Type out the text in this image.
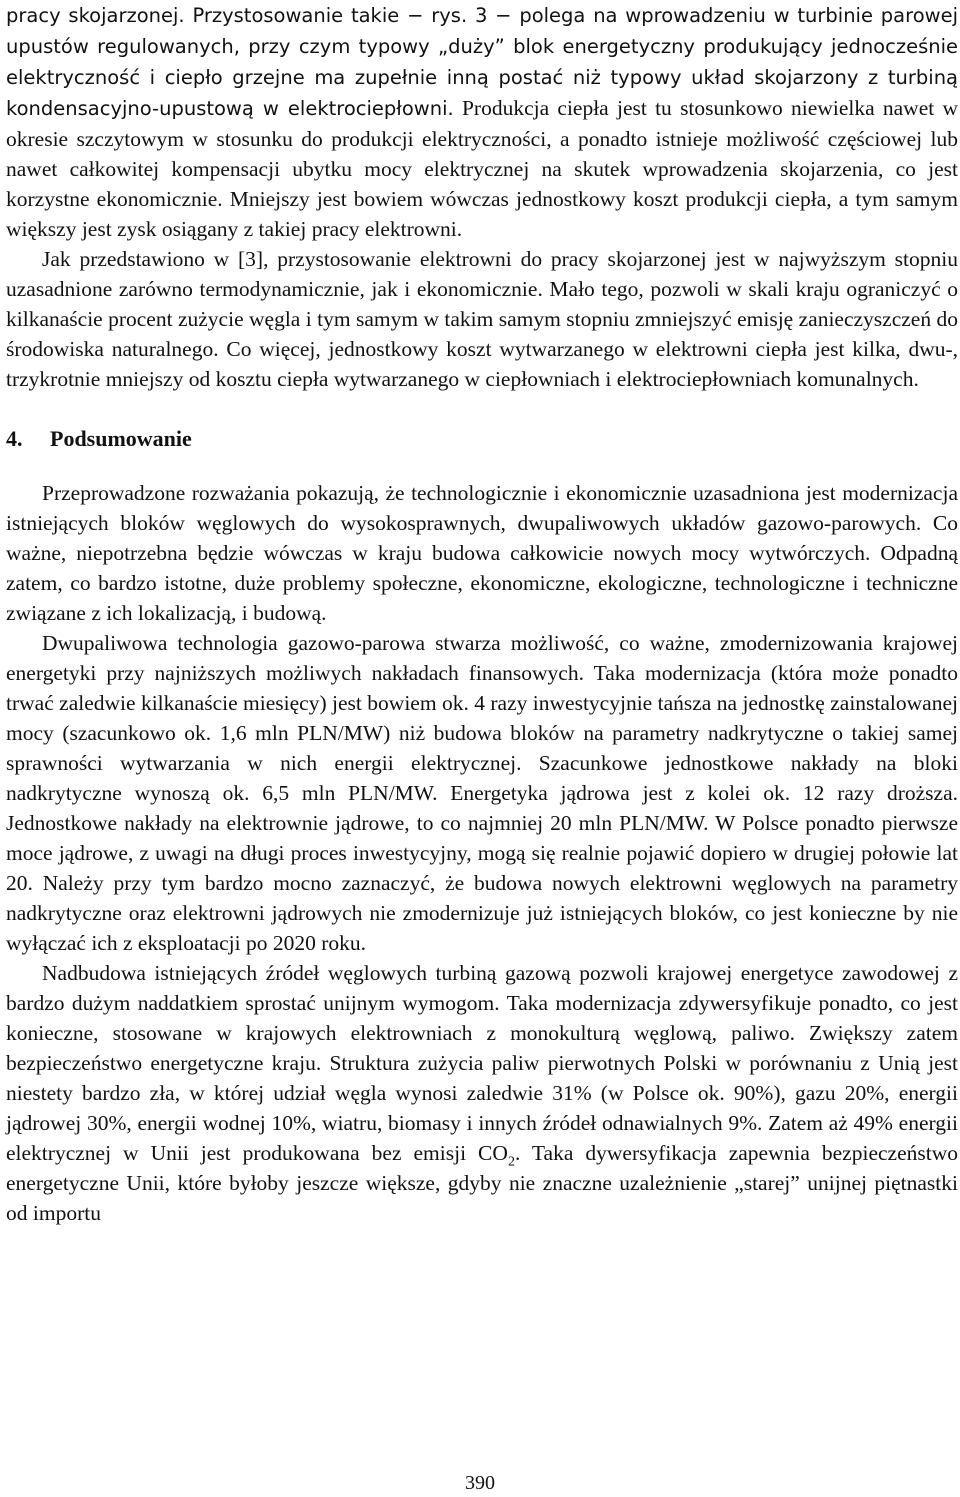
pracy skojarzonej. Przystosowanie takie − rys. 3 − polega na wprowadzeniu w turbinie parowej upustów regulowanych, przy czym typowy „duży” blok energetyczny produkujący jednocześnie elektryczność i ciepło grzejne ma zupełnie inną postać niż typowy układ skojarzony z turbiną kondensacyjno-upustową w elektrociepłowni. Produkcja ciepła jest tu stosunkowo niewielka nawet w okresie szczytowym w stosunku do produkcji elektryczności, a ponadto istnieje możliwość częściowej lub nawet całkowitej kompensacji ubytku mocy elektrycznej na skutek wprowadzenia skojarzenia, co jest korzystne ekonomicznie. Mniejszy jest bowiem wówczas jednostkowy koszt produkcji ciepła, a tym samym większy jest zysk osiągany z takiej pracy elektrowni.

Jak przedstawiono w [3], przystosowanie elektrowni do pracy skojarzonej jest w najwyższym stopniu uzasadnione zarówno termodynamicznie, jak i ekonomicznie. Mało tego, pozwoli w skali kraju ograniczyć o kilkanaście procent zużycie węgla i tym samym w takim samym stopniu zmniejszyć emisję zanieczyszczeń do środowiska naturalnego. Co więcej, jednostkowy koszt wytwarzanego w elektrowni ciepła jest kilka, dwu-, trzykrotnie mniejszy od kosztu ciepła wytwarzanego w ciepłowniach i elektrociepłowniach komunalnych.

4. Podsumowanie

Przeprowadzone rozważania pokazują, że technologicznie i ekonomicznie uzasadniona jest modernizacja istniejących bloków węglowych do wysokosprawnych, dwupaliwowych układów gazowo-parowych. Co ważne, niepotrzebna będzie wówczas w kraju budowa całkowicie nowych mocy wytwórczych. Odpadną zatem, co bardzo istotne, duże problemy społeczne, ekonomiczne, ekologiczne, technologiczne i techniczne związane z ich lokalizacją, i budową.

Dwupaliwowa technologia gazowo-parowa stwarza możliwość, co ważne, zmodernizowania krajowej energetyki przy najniższych możliwych nakładach finansowych. Taka modernizacja (która może ponadto trwać zaledwie kilkanaście miesięcy) jest bowiem ok. 4 razy inwestycyjnie tańsza na jednostkę zainstalowanej mocy (szacunkowo ok. 1,6 mln PLN/MW) niż budowa bloków na parametry nadkrytyczne o takiej samej sprawności wytwarzania w nich energii elektrycznej. Szacunkowe jednostkowe nakłady na bloki nadkrytyczne wynoszą ok. 6,5 mln PLN/MW. Energetyka jądrowa jest z kolei ok. 12 razy droższa. Jednostkowe nakłady na elektrownie jądrowe, to co najmniej 20 mln PLN/MW. W Polsce ponadto pierwsze moce jądrowe, z uwagi na długi proces inwestycyjny, mogą się realnie pojawić dopiero w drugiej połowie lat 20. Należy przy tym bardzo mocno zaznaczyć, że budowa nowych elektrowni węglowych na parametry nadkrytyczne oraz elektrowni jądrowych nie zmodernizuje już istniejących bloków, co jest konieczne by nie wyłączać ich z eksploatacji po 2020 roku.

Nadbudowa istniejących źródeł węglowych turbiną gazową pozwoli krajowej energetyce zawodowej z bardzo dużym naddatkiem sprostać unijnym wymogom. Taka modernizacja zdywersyfikuje ponadto, co jest konieczne, stosowane w krajowych elektrowniach z monokulturą węglową, paliwo. Zwiększy zatem bezpieczeństwo energetyczne kraju. Struktura zużycia paliw pierwotnych Polski w porównaniu z Unią jest niestety bardzo zła, w której udział węgla wynosi zaledwie 31% (w Polsce ok. 90%), gazu 20%, energii jądrowej 30%, energii wodnej 10%, wiatru, biomasy i innych źródeł odnawialnych 9%. Zatem aż 49% energii elektrycznej w Unii jest produkowana bez emisji $CO_2$. Taka dywersyfikacja zapewnia bezpieczeństwo energetyczne Unii, które byłoby jeszcze większe, gdyby nie znaczne uzależnienie „starej” unijnej piętnastki od importu

390
